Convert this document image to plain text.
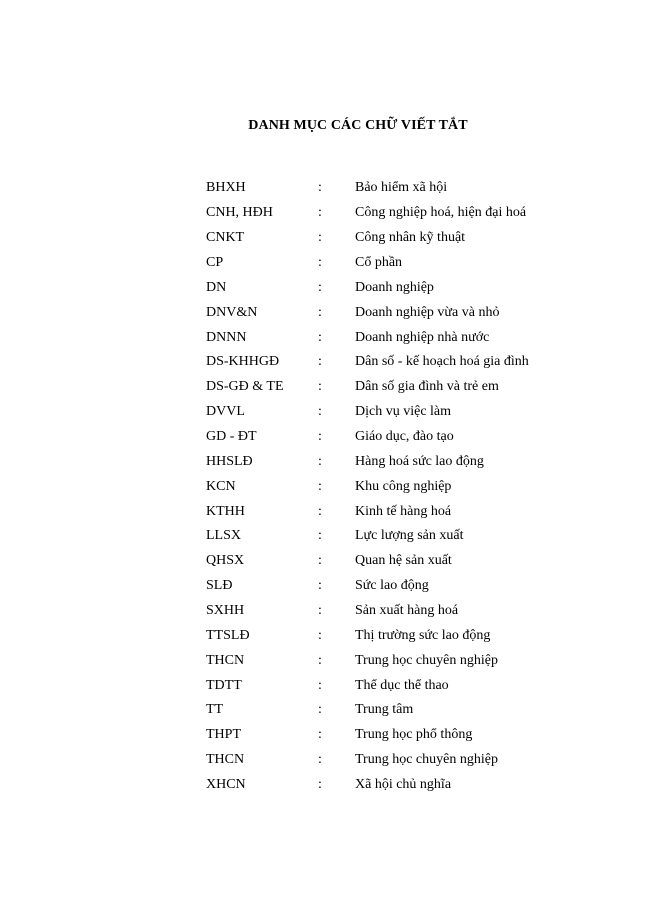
DANH MỤC CÁC CHỮ VIẾT TẮT
BHXH	:	Bảo hiểm xã hội
CNH, HĐH	:	Công nghiệp hoá, hiện đại hoá
CNKT	:	Công nhân kỹ thuật
CP	:	Cổ phần
DN	:	Doanh nghiệp
DNV&N	:	Doanh nghiệp vừa và nhỏ
DNNN	:	Doanh nghiệp nhà nước
DS-KHHGĐ	:	Dân số - kế hoạch hoá gia đình
DS-GĐ & TE	:	Dân số gia đình và trẻ em
DVVL	:	Dịch vụ việc làm
GD - ĐT	:	Giáo dục, đào tạo
HHSLĐ	:	Hàng hoá sức lao động
KCN	:	Khu công nghiệp
KTHH	:	Kinh tế hàng hoá
LLSX	:	Lực lượng sản xuất
QHSX	:	Quan hệ sản xuất
SLĐ	:	Sức lao động
SXHH	:	Sản xuất hàng hoá
TTSLĐ	:	Thị trường sức lao động
THCN	:	Trung học chuyên nghiệp
TDTT	:	Thể dục thể thao
TT	:	Trung tâm
THPT	:	Trung học phổ thông
THCN	:	Trung học chuyên nghiệp
XHCN	:	Xã hội chủ nghĩa
